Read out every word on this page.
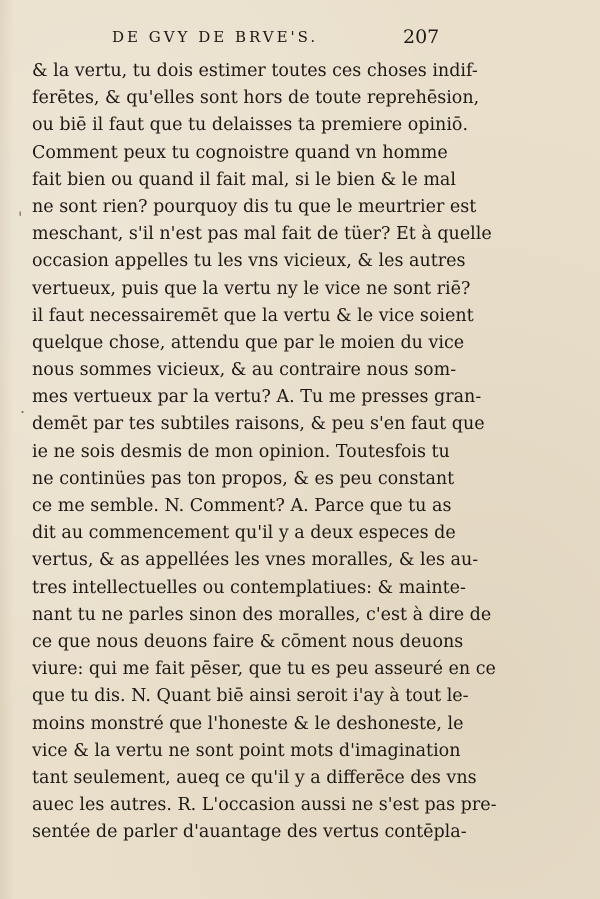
DE GVY DE BRVE'S.	207
& la vertu, tu dois estimer toutes ces choses indif-
ferētes, & qu'elles sont hors de toute reprehēsion,
ou biē il faut que tu delaisses ta premiere opiniō.
Comment peux tu cognoistre quand vn homme
fait bien ou quand il fait mal, si le bien & le mal
ne sont rien? pourquoy dis tu que le meurtrier est
meschant, s'il n'est pas mal fait de tüer? Et à quelle
occasion appelles tu les vns vicieux, & les autres
vertueux, puis que la vertu ny le vice ne sont riē?
il faut necessairemēt que la vertu & le vice soient
quelque chose, attendu que par le moien du vice
nous sommes vicieux, & au contraire nous som-
mes vertueux par la vertu? A. Tu me presses gran-
demēt par tes subtiles raisons, & peu s'en faut que
ie ne sois desmis de mon opinion. Toutesfois tu
ne continües pas ton propos, & es peu constant
ce me semble. N. Comment? A. Parce que tu as
dit au commencement qu'il y a deux especes de
vertus, & as appellées les vnes moralles, & les au-
tres intellectuelles ou contemplatiues: & mainte-
nant tu ne parles sinon des moralles, c'est à dire de
ce que nous deuons faire & cōment nous deuons
viure: qui me fait pēser, que tu es peu asseuré en ce
que tu dis. N. Quant biē ainsi seroit i'ay à tout le-
moins monstré que l'honeste & le deshoneste, le
vice & la vertu ne sont point mots d'imagination
tant seulement, aueq ce qu'il y a differēce des vns
auec les autres. R. L'occasion aussi ne s'est pas pre-
sentée de parler d'auantage des vertus contēpla-
'
.
